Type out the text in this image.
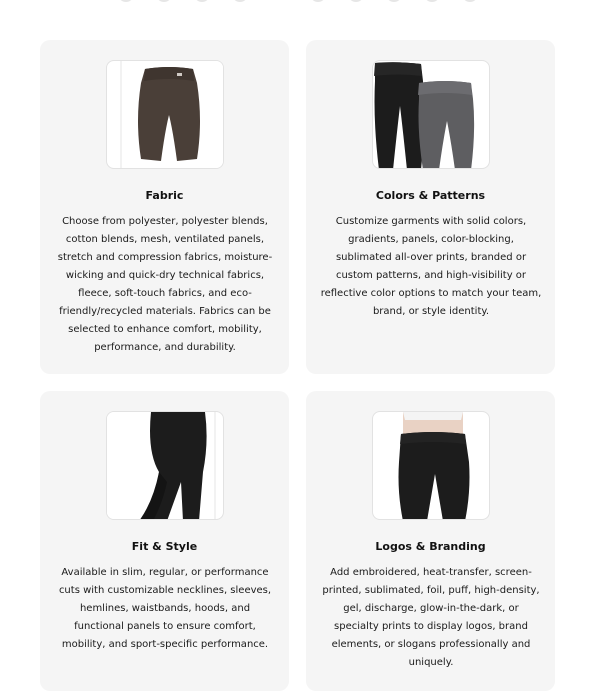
Fabric
Choose from polyester, polyester blends, cotton blends, mesh, ventilated panels, stretch and compression fabrics, moisture-wicking and quick-dry technical fabrics, fleece, soft-touch fabrics, and eco-friendly/recycled materials. Fabrics can be selected to enhance comfort, mobility, performance, and durability.
Colors & Patterns
Customize garments with solid colors, gradients, panels, color-blocking, sublimated all-over prints, branded or custom patterns, and high-visibility or reflective color options to match your team, brand, or style identity.
Fit & Style
Available in slim, regular, or performance cuts with customizable necklines, sleeves, hemlines, waistbands, hoods, and functional panels to ensure comfort, mobility, and sport-specific performance.
Logos & Branding
Add embroidered, heat-transfer, screen-printed, sublimated, foil, puff, high-density, gel, discharge, glow-in-the-dark, or specialty prints to display logos, brand elements, or slogans professionally and uniquely.
